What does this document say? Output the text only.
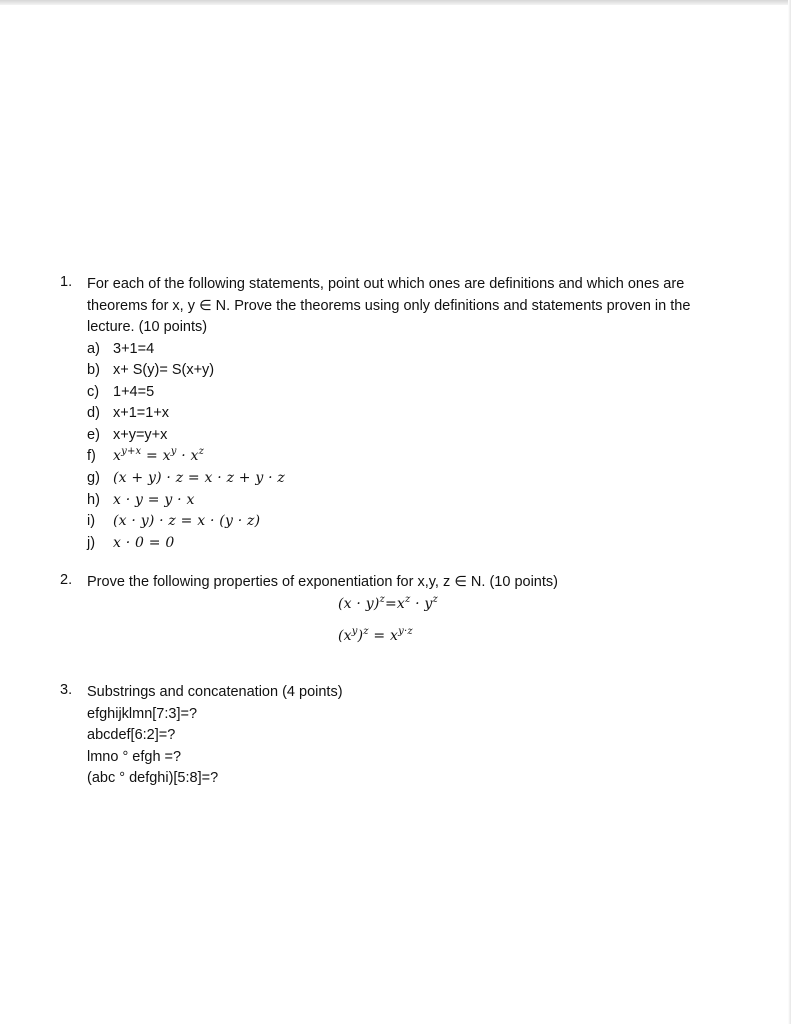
1.	For each of the following statements, point out which ones are definitions and which ones are theorems for x, y ∈ N. Prove the theorems using only definitions and statements proven in the lecture. (10 points)
a) 3+1=4
b) x+ S(y)= S(x+y)
c) 1+4=5
d) x+1=1+x
e) x+y=y+x
f)	$x^{y+x} = x^y \cdot x^z$
g) (x + y) · z = x · z + y · z
h) x · y = y · x
i)	(x · y) · z = x · (y · z)
j)	x · 0 = 0
2.	Prove the following properties of exponentiation for x,y, z ∈ N. (10 points)
$(x \cdot y)^z=x^z \cdot y^z$
$(x^y)^z = x^{y\cdot z}$
3.	Substrings and concatenation (4 points)
efghijklmn[7:3]=?
abcdef[6:2]=?
lmno ° efgh =?
(abc ° defghi)[5:8]=?
